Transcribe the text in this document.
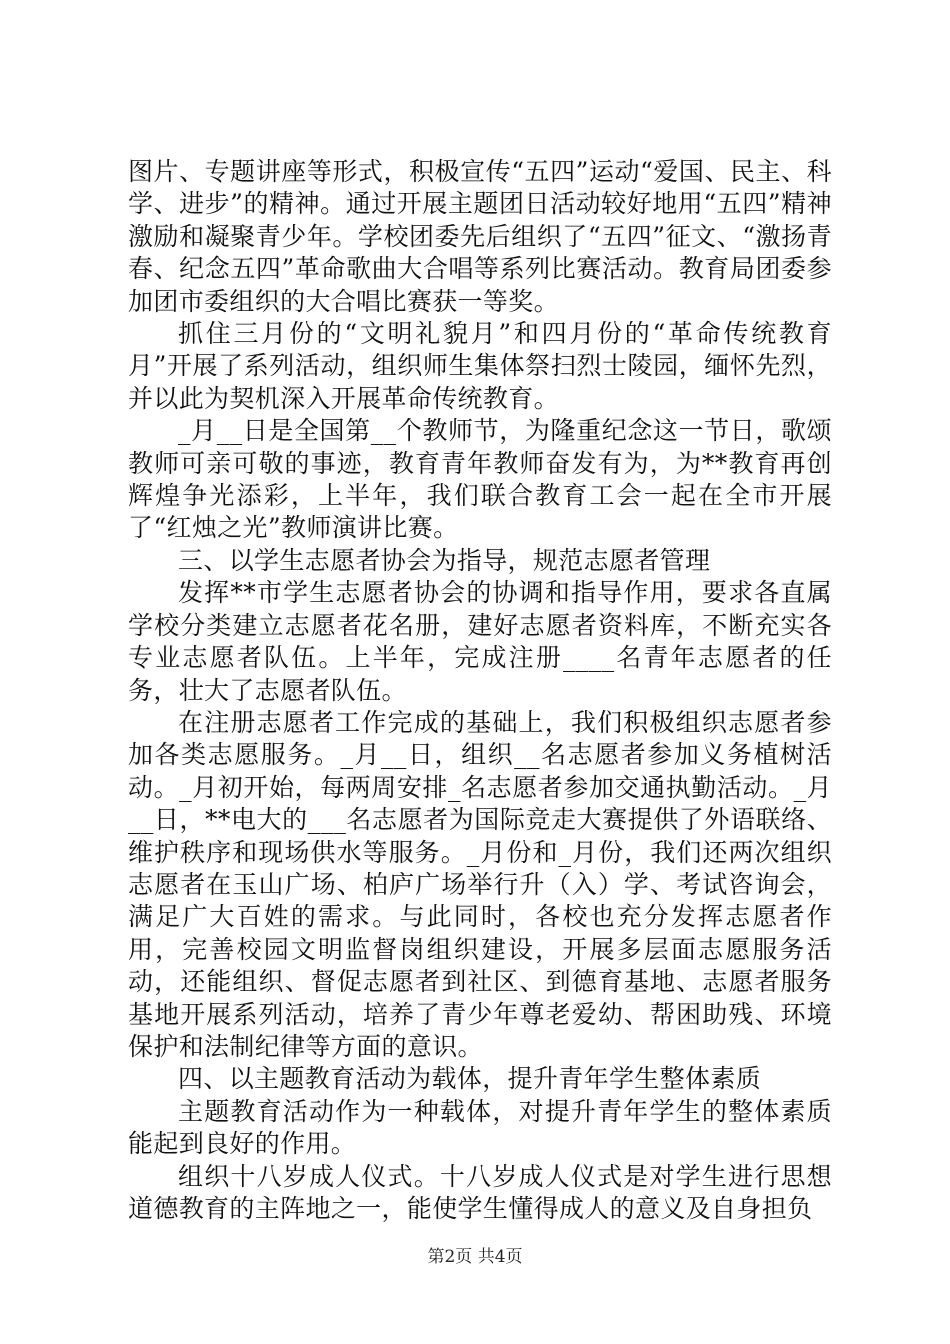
图片、专题讲座等形式，积极宣传“五四”运动“爱国、民主、科学、进步”的精神。通过开展主题团日活动较好地用“五四”精神激励和凝聚青少年。学校团委先后组织了“五四”征文、“激扬青春、纪念五四”革命歌曲大合唱等系列比赛活动。教育局团委参加团市委组织的大合唱比赛获一等奖。

抓住三月份的“文明礼貌月”和四月份的“革命传统教育月”开展了系列活动，组织师生集体祭扫烈士陵园，缅怀先烈，并以此为契机深入开展革命传统教育。

_月__日是全国第__个教师节，为隆重纪念这一节日，歌颂教师可亲可敬的事迹，教育青年教师奋发有为，为**教育再创辉煌争光添彩，上半年，我们联合教育工会一起在全市开展了“红烛之光”教师演讲比赛。

三、以学生志愿者协会为指导，规范志愿者管理

发挥**市学生志愿者协会的协调和指导作用，要求各直属学校分类建立志愿者花名册，建好志愿者资料库，不断充实各专业志愿者队伍。上半年，完成注册____名青年志愿者的任务，壮大了志愿者队伍。

在注册志愿者工作完成的基础上，我们积极组织志愿者参加各类志愿服务。_月__日，组织__名志愿者参加义务植树活动。_月初开始，每两周安排_名志愿者参加交通执勤活动。_月__日，**电大的___名志愿者为国际竞走大赛提供了外语联络、维护秩序和现场供水等服务。_月份和_月份，我们还两次组织志愿者在玉山广场、柏庐广场举行升（入）学、考试咨询会，满足广大百姓的需求。与此同时，各校也充分发挥志愿者作用，完善校园文明监督岗组织建设，开展多层面志愿服务活动，还能组织、督促志愿者到社区、到德育基地、志愿者服务基地开展系列活动，培养了青少年尊老爱幼、帮困助残、环境保护和法制纪律等方面的意识。

四、以主题教育活动为载体，提升青年学生整体素质

主题教育活动作为一种载体，对提升青年学生的整体素质能起到良好的作用。

组织十八岁成人仪式。十八岁成人仪式是对学生进行思想道德教育的主阵地之一，能使学生懂得成人的意义及自身担负

第2页 共4页
